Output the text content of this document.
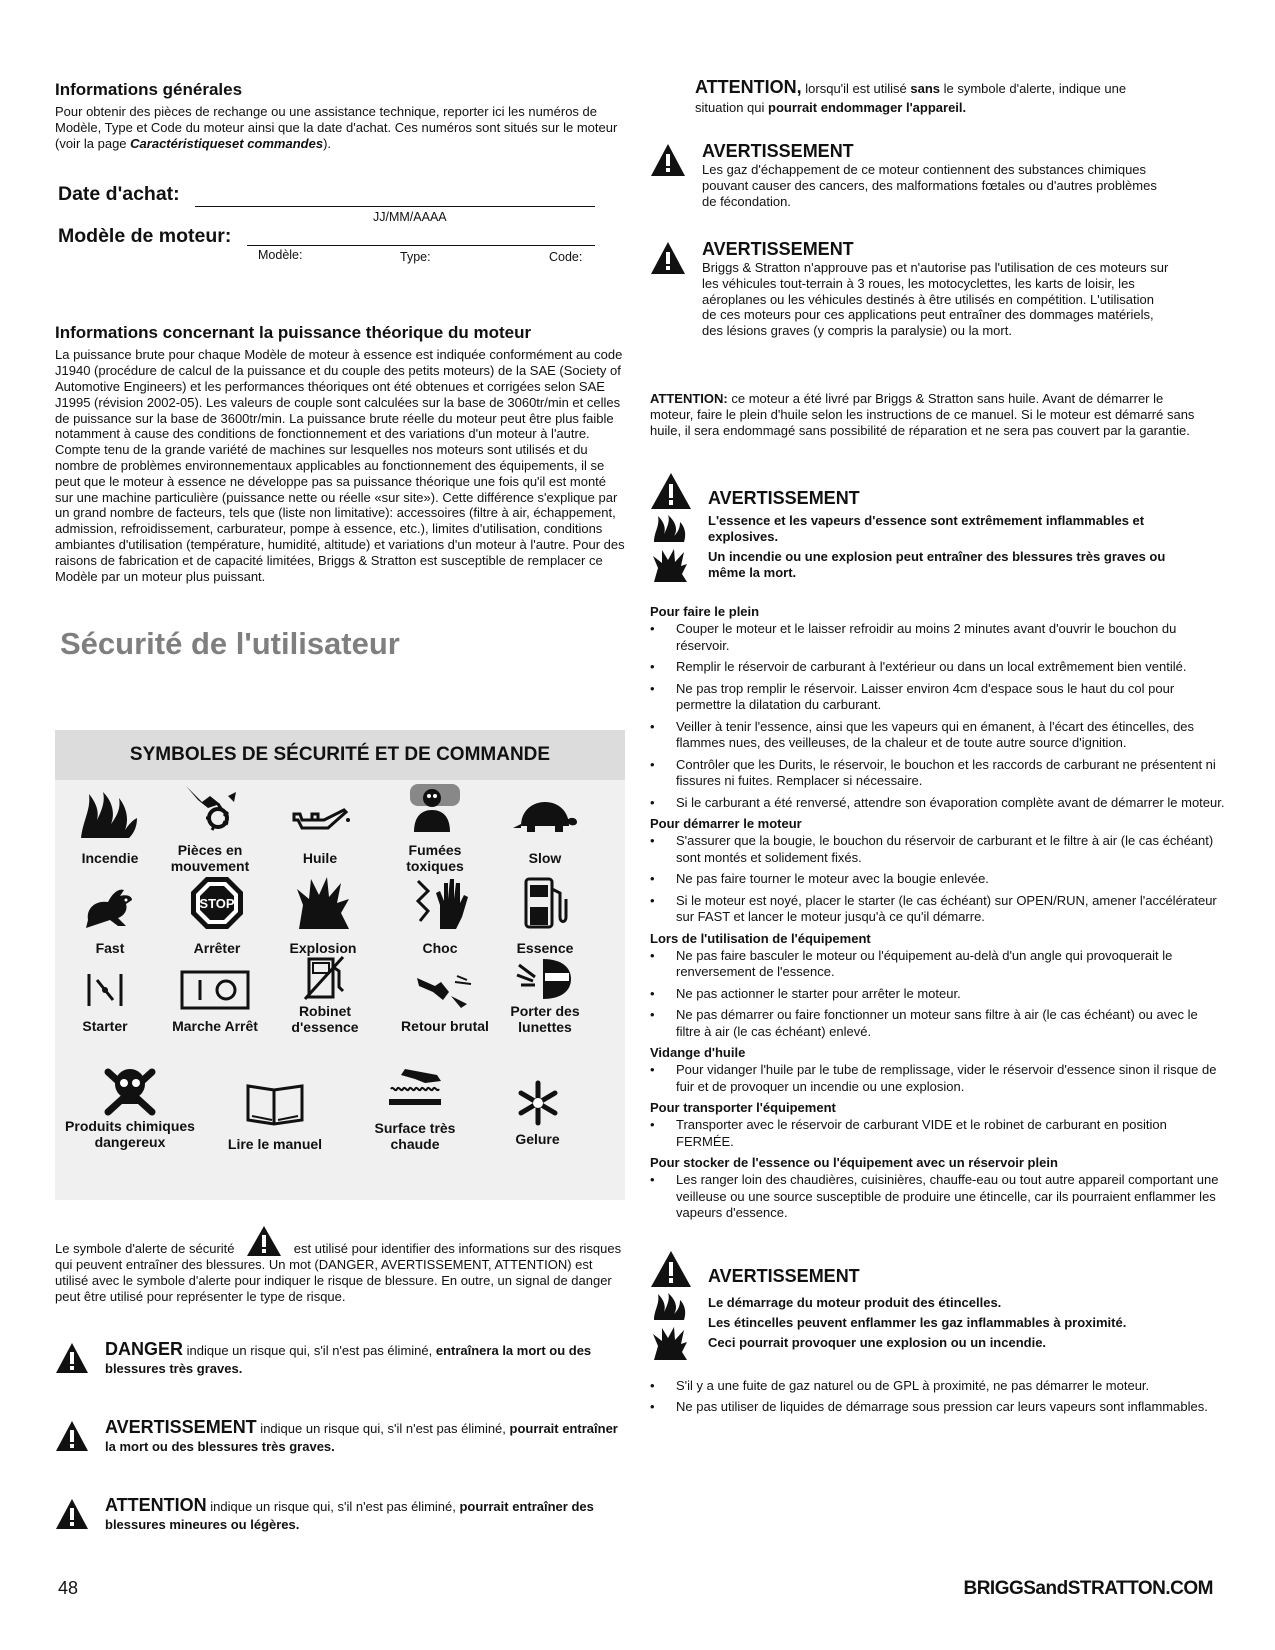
Informations générales

Pour obtenir des pièces de rechange ou une assistance technique, reporter ici les numéros de Modèle, Type et Code du moteur ainsi que la date d'achat. Ces numéros sont situés sur le moteur (voir la page Caractéristiqueset commandes).

Date d'achat:
JJ/MM/AAAA
Modèle de moteur:
Modèle:	Type:	Code:
Informations concernant la puissance théorique du moteur

La puissance brute pour chaque Modèle de moteur à essence est indiquée conformément au code J1940 (procédure de calcul de la puissance et du couple des petits moteurs) de la SAE (Society of Automotive Engineers) et les performances théoriques ont été obtenues et corrigées selon SAE J1995 (révision 2002-05). Les valeurs de couple sont calculées sur la base de 3060tr/min et celles de puissance sur la base de 3600tr/min. La puissance brute réelle du moteur peut être plus faible notamment à cause des conditions de fonctionnement et des variations d'un moteur à l'autre. Compte tenu de la grande variété de machines sur lesquelles nos moteurs sont utilisés et du nombre de problèmes environnementaux applicables au fonctionnement des équipements, il se peut que le moteur à essence ne développe pas sa puissance théorique une fois qu'il est monté sur une machine particulière (puissance nette ou réelle «sur site»). Cette différence s'explique par un grand nombre de facteurs, tels que (liste non limitative): accessoires (filtre à air, échappement, admission, refroidissement, carburateur, pompe à essence, etc.), limites d'utilisation, conditions ambiantes d'utilisation (température, humidité, altitude) et variations d'un moteur à l'autre. Pour des raisons de fabrication et de capacité limitées, Briggs & Stratton est susceptible de remplacer ce Modèle par un moteur plus puissant.

Sécurité de l'utilisateur
SYMBOLES DE SÉCURITÉ ET DE COMMANDE
Incendie	Pièces en mouvement	Huile	Fumées toxiques	Slow
Fast
STOP
Arrêter	Explosion	Choc	Essence
Starter	Marche Arrêt
Robinet d'essence	Retour brutal
Porter des lunettes
Produits chimiques dangereux	Lire le manuel
Surface très chaude	Gelure

Le symbole d'alerte de sécurité	est utilisé pour identifier des informations sur des risques qui peuvent entraîner des blessures. Un mot (DANGER, AVERTISSEMENT, ATTENTION) est utilisé avec le symbole d'alerte pour indiquer le risque de blessure. En outre, un signal de danger peut être utilisé pour représenter le type de risque.

DANGER indique un risque qui, s'il n'est pas éliminé, entraînera la mort ou des blessures très graves.
AVERTISSEMENT indique un risque qui, s'il n'est pas éliminé, pourrait entraîner la mort ou des blessures très graves.
ATTENTION indique un risque qui, s'il n'est pas éliminé, pourrait entraîner des blessures mineures ou légères.
ATTENTION, lorsqu'il est utilisé sans le symbole d'alerte, indique une situation qui pourrait endommager l'appareil.
AVERTISSEMENT

Les gaz d'échappement de ce moteur contiennent des substances chimiques pouvant causer des cancers, des malformations fœtales ou d'autres problèmes de fécondation.

AVERTISSEMENT

Briggs & Stratton n'approuve pas et n'autorise pas l'utilisation de ces moteurs sur les véhicules tout-terrain à 3 roues, les motocyclettes, les karts de loisir, les aéroplanes ou les véhicules destinés à être utilisés en compétition. L'utilisation de ces moteurs pour ces applications peut entraîner des dommages matériels, des lésions graves (y compris la paralysie) ou la mort.

ATTENTION: ce moteur a été livré par Briggs & Stratton sans huile. Avant de démarrer le moteur, faire le plein d'huile selon les instructions de ce manuel. Si le moteur est démarré sans huile, il sera endommagé sans possibilité de réparation et ne sera pas couvert par la garantie.

AVERTISSEMENT

L'essence et les vapeurs d'essence sont extrêmement inflammables et explosives.

Un incendie ou une explosion peut entraîner des blessures très graves ou même la mort.

Pour faire le plein
• Couper le moteur et le laisser refroidir au moins 2 minutes avant d'ouvrir le bouchon du réservoir.
• Remplir le réservoir de carburant à l'extérieur ou dans un local extrêmement bien ventilé.
• Ne pas trop remplir le réservoir. Laisser environ 4cm d'espace sous le haut du col pour permettre la dilatation du carburant.
• Veiller à tenir l'essence, ainsi que les vapeurs qui en émanent, à l'écart des étincelles, des flammes nues, des veilleuses, de la chaleur et de toute autre source d'ignition.
• Contrôler que les Durits, le réservoir, le bouchon et les raccords de carburant ne présentent ni fissures ni fuites. Remplacer si nécessaire.
• Si le carburant a été renversé, attendre son évaporation complète avant de démarrer le moteur.
Pour démarrer le moteur
• S'assurer que la bougie, le bouchon du réservoir de carburant et le filtre à air (le cas échéant) sont montés et solidement fixés.
• Ne pas faire tourner le moteur avec la bougie enlevée.
• Si le moteur est noyé, placer le starter (le cas échéant) sur OPEN/RUN, amener l'accélérateur sur FAST et lancer le moteur jusqu'à ce qu'il démarre.
Lors de l'utilisation de l'équipement
• Ne pas faire basculer le moteur ou l'équipement au-delà d'un angle qui provoquerait le renversement de l'essence.
• Ne pas actionner le starter pour arrêter le moteur.
• Ne pas démarrer ou faire fonctionner un moteur sans filtre à air (le cas échéant) ou avec le filtre à air (le cas échéant) enlevé.
Vidange d'huile
• Pour vidanger l'huile par le tube de remplissage, vider le réservoir d'essence sinon il risque de fuir et de provoquer un incendie ou une explosion.
Pour transporter l'équipement
• Transporter avec le réservoir de carburant VIDE et le robinet de carburant en position FERMÉE.
Pour stocker de l'essence ou l'équipement avec un réservoir plein
• Les ranger loin des chaudières, cuisinières, chauffe-eau ou tout autre appareil comportant une veilleuse ou une source susceptible de produire une étincelle, car ils pourraient enflammer les vapeurs d'essence.
AVERTISSEMENT

Le démarrage du moteur produit des étincelles.

Les étincelles peuvent enflammer les gaz inflammables à proximité.

Ceci pourrait provoquer une explosion ou un incendie.

• S'il y a une fuite de gaz naturel ou de GPL à proximité, ne pas démarrer le moteur.
• Ne pas utiliser de liquides de démarrage sous pression car leurs vapeurs sont inflammables.
48	BRIGGSandSTRATTON.COM
